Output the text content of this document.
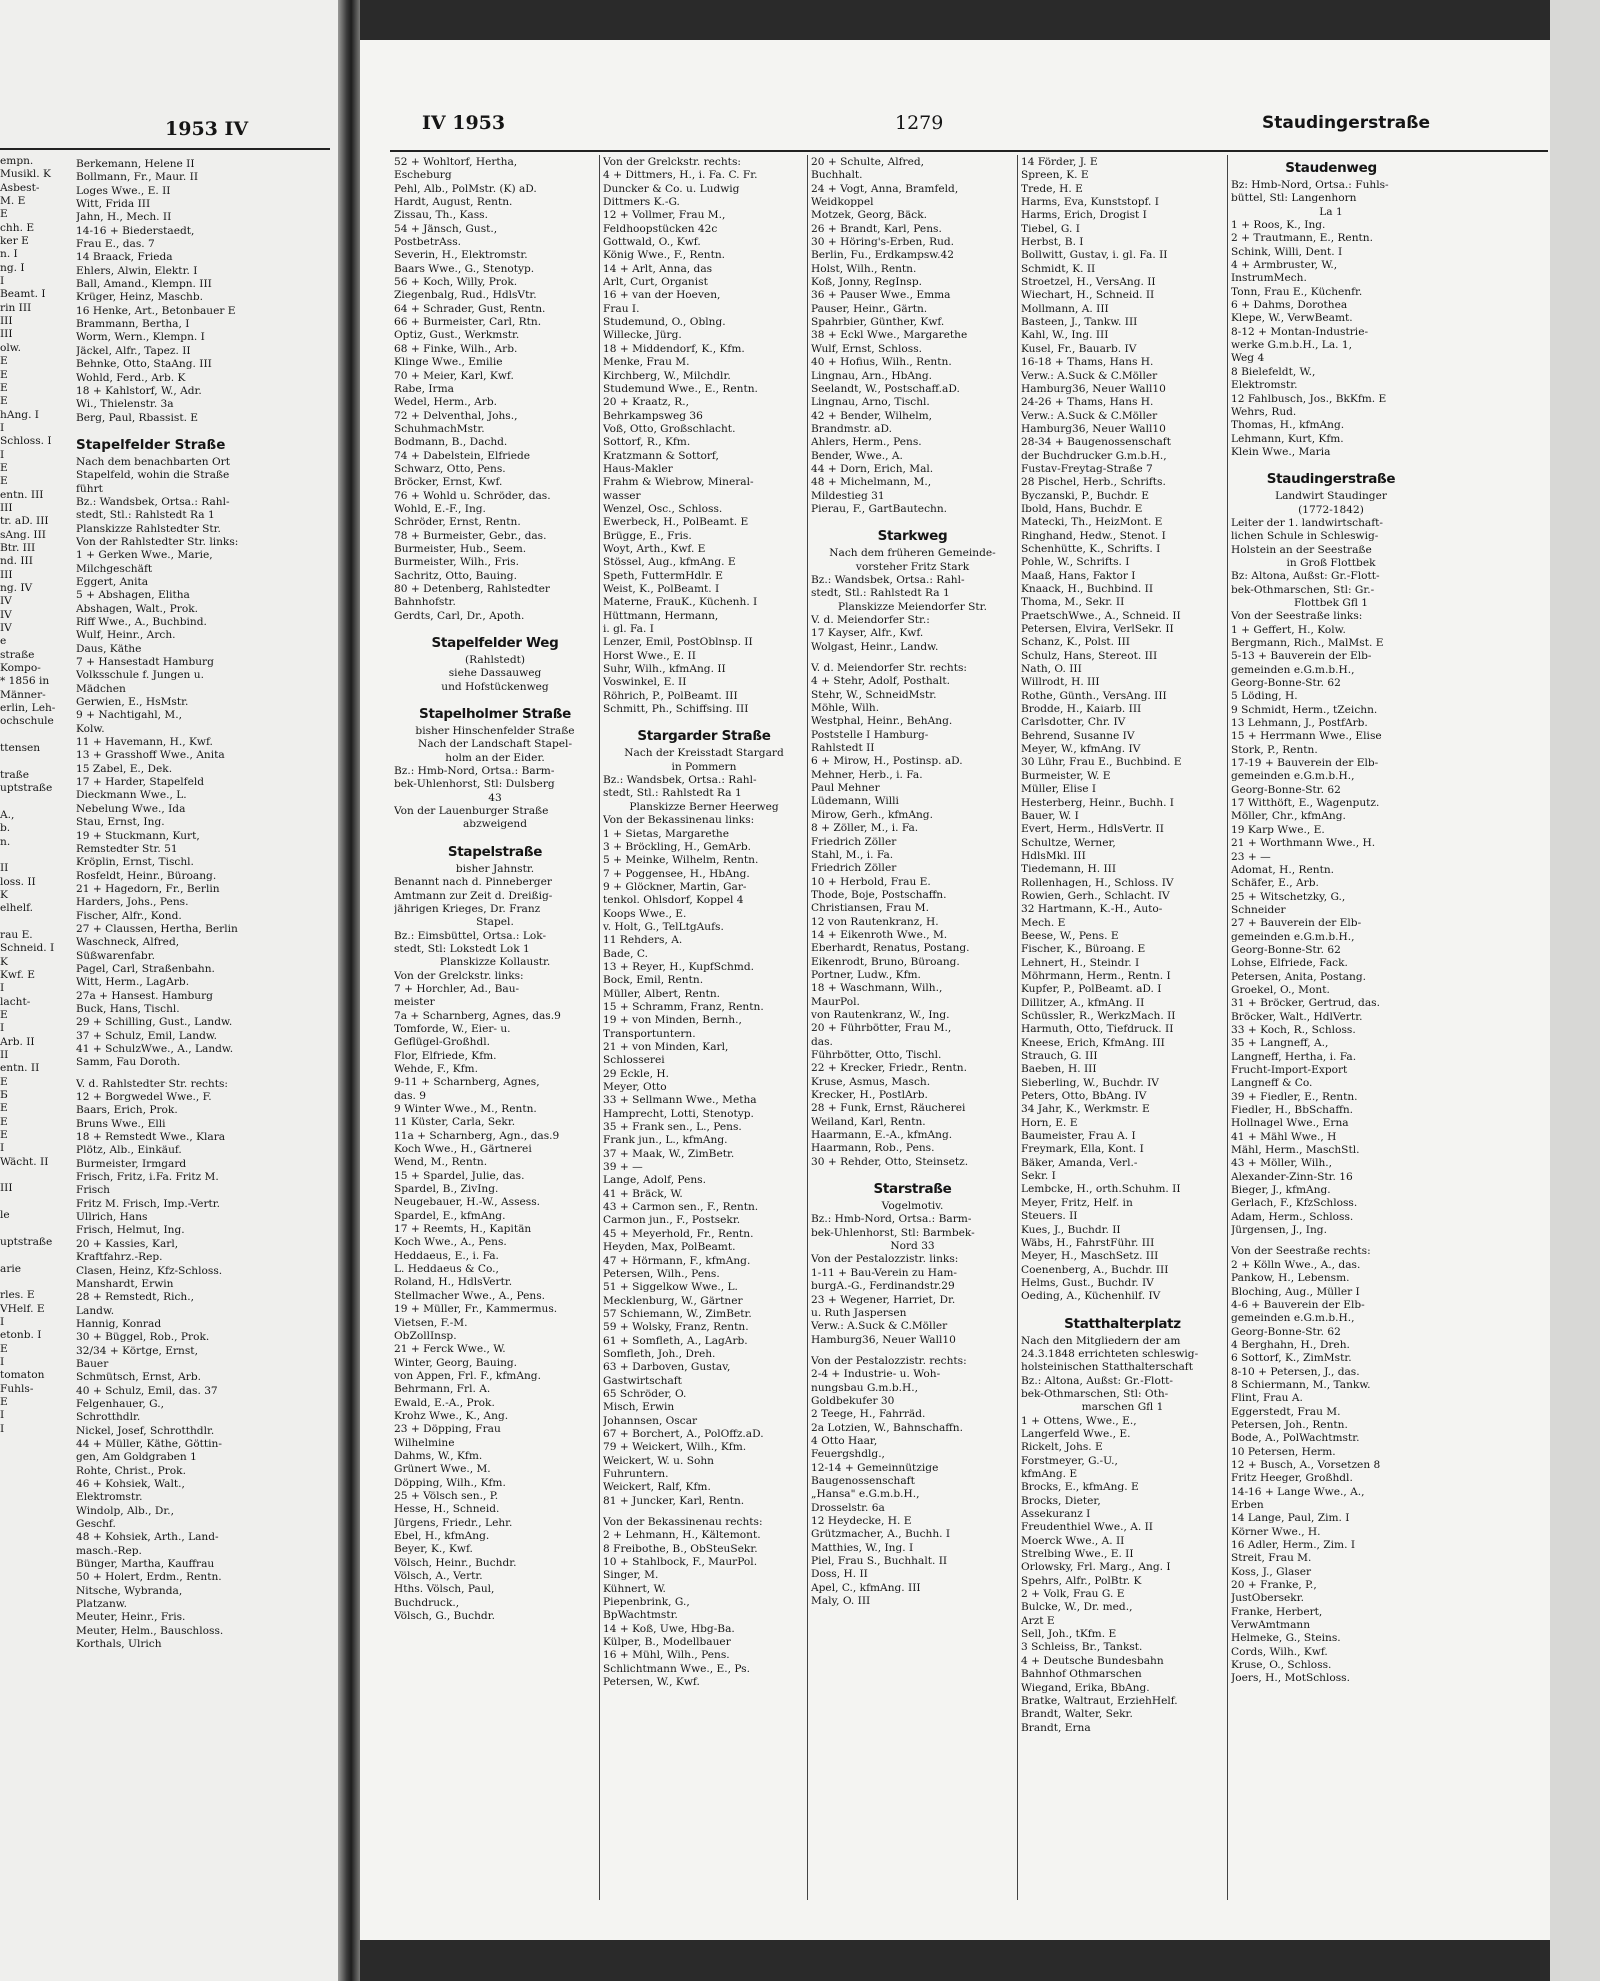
empn.
Musikl. K
Asbest-
M. E
E
chh. E
ker E
n. I
ng. I
I
Beamt. I
rin III
III
III
olw.
E
E
E
E
hAng. I
I
Schloss. I
I
E
E
entn. III
III
tr. aD. III
sAng. III
Btr. III
nd. III
III
ng. IV
IV
IV
IV
e
straße
Kompo-
* 1856 in
Männer-
erlin, Leh-
ochschule
ttensen
traße
uptstraße
A.,
b.
n.
II
loss. II
K
elhelf.
rau E.
Schneid. I
K
Kwf. E
I
lacht-
E
I
Arb. II
II
entn. II
E
Б
E
E
E
I
Wächt. II
III
le
uptstraße
arie
rles. E
VHelf. E
I
etonb. I
E
I
tomaton
Fuhls-
E
I
I
1953 IV
Berkemann, Helene II
Bollmann, Fr., Maur. II
Loges Wwe., E. II
Witt, Frida III
Jahn, H., Mech. II
14-16 + Biederstaedt,
Frau E., das. 7
14 Braack, Frieda
Ehlers, Alwin, Elektr. I
Ball, Amand., Klempn. III
Krüger, Heinz, Maschb.
16 Henke, Art., Betonbauer E
Brammann, Bertha, I
Worm, Wern., Klempn. I
Jäckel, Alfr., Tapez. II
Behnke, Otto, StaAng. III
Wohld, Ferd., Arb. K
18 + Kahlstorf, W., Adr.
Wi., Thielenstr. 3a
Berg, Paul, Rbassist. E
Stapelfelder Straße
Nach dem benachbarten Ort
Stapelfeld, wohin die Straße
führt
Bz.: Wandsbek, Ortsa.: Rahl-
stedt, Stl.: Rahlstedt Ra 1
Planskizze Rahlstedter Str.
Von der Rahlstedter Str. links:
1 + Gerken Wwe., Marie,
Milchgeschäft
Eggert, Anita
5 + Abshagen, Elitha
Abshagen, Walt., Prok.
Riff Wwe., A., Buchbind.
Wulf, Heinr., Arch.
Daus, Käthe
7 + Hansestadt Hamburg
Volksschule f. Jungen u.
Mädchen
Gerwien, E., HsMstr.
9 + Nachtigahl, M.,
Kolw.
11 + Havemann, H., Kwf.
13 + Grasshoff Wwe., Anita
15 Zabel, E., Dek.
17 + Harder, Stapelfeld
Dieckmann Wwe., L.
Nebelung Wwe., Ida
Stau, Ernst, Ing.
19 + Stuckmann, Kurt,
Remstedter Str. 51
Kröplin, Ernst, Tischl.
Rosfeldt, Heinr., Büroang.
21 + Hagedorn, Fr., Berlin
Harders, Johs., Pens.
Fischer, Alfr., Kond.
27 + Claussen, Hertha, Berlin
Waschneck, Alfred,
Süßwarenfabr.
Pagel, Carl, Straßenbahn.
Witt, Herm., LagArb.
27a + Hansest. Hamburg
Buck, Hans, Tischl.
29 + Schilling, Gust., Landw.
37 + Schulz, Emil, Landw.
41 + SchulzWwe., A., Landw.
Samm, Fau Doroth.
V. d. Rahlstedter Str. rechts:
12 + Borgwedel Wwe., F.
Baars, Erich, Prok.
Bruns Wwe., Elli
18 + Remstedt Wwe., Klara
Plötz, Alb., Einkäuf.
Burmeister, Irmgard
Frisch, Fritz, i.Fa. Fritz M.
Frisch
Fritz M. Frisch, Imp.-Vertr.
Ullrich, Hans
Frisch, Helmut, Ing.
20 + Kassies, Karl,
Kraftfahrz.-Rep.
Clasen, Heinz, Kfz-Schloss.
Manshardt, Erwin
28 + Remstedt, Rich.,
Landw.
Hannig, Konrad
30 + Büggel, Rob., Prok.
32/34 + Körtge, Ernst,
Bauer
Schmütsch, Ernst, Arb.
40 + Schulz, Emil, das. 37
Felgenhauer, G.,
Schrotthdlr.
Nickel, Josef, Schrotthdlr.
44 + Müller, Käthe, Göttin-
gen, Am Goldgraben 1
Rohte, Christ., Prok.
46 + Kohsiek, Walt.,
Elektromstr.
Windolp, Alb., Dr.,
Geschf.
48 + Kohsiek, Arth., Land-
masch.-Rep.
Bünger, Martha, Kauffrau
50 + Holert, Erdm., Rentn.
Nitsche, Wybranda,
Platzanw.
Meuter, Heinr., Fris.
Meuter, Helm., Bauschloss.
Korthals, Ulrich
IV 1953	1279	Staudingerstraße
52 + Wohltorf, Hertha,
Escheburg
Pehl, Alb., PolMstr. (K) aD.
Hardt, August, Rentn.
Zissau, Th., Kass.
54 + Jänsch, Gust.,
PostbetrAss.
Severin, H., Elektromstr.
Baars Wwe., G., Stenotyp.
56 + Koch, Willy, Prok.
Ziegenbalg, Rud., HdlsVtr.
64 + Schrader, Gust, Rentn.
66 + Burmeister, Carl, Rtn.
Optiz, Gust., Werkmstr.
68 + Finke, Wilh., Arb.
Klinge Wwe., Emilie
70 + Meier, Karl, Kwf.
Rabe, Irma
Wedel, Herm., Arb.
72 + Delventhal, Johs.,
SchuhmachMstr.
Bodmann, B., Dachd.
74 + Dabelstein, Elfriede
Schwarz, Otto, Pens.
Bröcker, Ernst, Kwf.
76 + Wohld u. Schröder, das.
Wohld, E.-F., Ing.
Schröder, Ernst, Rentn.
78 + Burmeister, Gebr., das.
Burmeister, Hub., Seem.
Burmeister, Wilh., Fris.
Sachritz, Otto, Bauing.
80 + Detenberg, Rahlstedter
Bahnhofstr.
Gerdts, Carl, Dr., Apoth.
Stapelfelder Weg
(Rahlstedt)
siehe Dassauweg
und Hofstückenweg
Stapelholmer Straße
bisher Hinschenfelder Straße
Nach der Landschaft Stapel-
holm an der Eider.
Bz.: Hmb-Nord, Ortsa.: Barm-
bek-Uhlenhorst, Stl: Dulsberg
43
Von der Lauenburger Straße
abzweigend
Stapelstraße
bisher Jahnstr.
Benannt nach d. Pinneberger
Amtmann zur Zeit d. Dreißig-
jährigen Krieges, Dr. Franz
Stapel.
Bz.: Eimsbüttel, Ortsa.: Lok-
stedt, Stl: Lokstedt Lok 1
Planskizze Kollaustr.
Von der Grelckstr. links:
7 + Horchler, Ad., Bau-
meister
7a + Scharnberg, Agnes, das.9
Tomforde, W., Eier- u.
Geflügel-Großhdl.
Flor, Elfriede, Kfm.
Wehde, F., Kfm.
9-11 + Scharnberg, Agnes,
das. 9
9 Winter Wwe., M., Rentn.
11 Küster, Carla, Sekr.
11a + Scharnberg, Agn., das.9
Koch Wwe., H., Gärtnerei
Wend, M., Rentn.
15 + Spardel, Julie, das.
Spardel, B., ZivIng.
Neugebauer, H.-W., Assess.
Spardel, E., kfmAng.
17 + Reemts, H., Kapitän
Koch Wwe., A., Pens.
Heddaeus, E., i. Fa.
L. Heddaeus & Co.,
Roland, H., HdlsVertr.
Stellmacher Wwe., A., Pens.
19 + Müller, Fr., Kammermus.
Vietsen, F.-M.
ObZollInsp.
21 + Ferck Wwe., W.
Winter, Georg, Bauing.
von Appen, Frl. F., kfmAng.
Behrmann, Frl. A.
Ewald, E.-A., Prok.
Krohz Wwe., K., Ang.
23 + Döpping, Frau
Wilhelmine
Dahms, W., Kfm.
Grünert Wwe., M.
Döpping, Wilh., Kfm.
25 + Völsch sen., P.
Hesse, H., Schneid.
Jürgens, Friedr., Lehr.
Ebel, H., kfmAng.
Beyer, K., Kwf.
Völsch, Heinr., Buchdr.
Völsch, A., Vertr.
Hths. Völsch, Paul,
Buchdruck.,
Völsch, G., Buchdr.
Von der Grelckstr. rechts:
4 + Dittmers, H., i. Fa. C. Fr.
Duncker & Co. u. Ludwig
Dittmers K.-G.
12 + Vollmer, Frau M.,
Feldhoopstücken 42c
Gottwald, O., Kwf.
König Wwe., F., Rentn.
14 + Arlt, Anna, das
Arlt, Curt, Organist
16 + van der Hoeven,
Frau I.
Studemund, O., Oblng.
Willecke, Jürg.
18 + Middendorf, K., Kfm.
Menke, Frau M.
Kirchberg, W., Milchdlr.
Studemund Wwe., E., Rentn.
20 + Kraatz, R.,
Behrkampsweg 36
Voß, Otto, Großschlacht.
Sottorf, R., Kfm.
Kratzmann & Sottorf,
Haus-Makler
Frahm & Wiebrow, Mineral-
wasser
Wenzel, Osc., Schloss.
Ewerbeck, H., PolBeamt. E
Brügge, E., Fris.
Woyt, Arth., Kwf. E
Stössel, Aug., kfmAng. E
Speth, FuttermHdlr. E
Weist, K., PolBeamt. I
Materne, FrauK., Küchenh. I
Hüttmann, Hermann,
i. gl. Fa. I
Lenzer, Emil, PostOblnsp. II
Horst Wwe., E. II
Suhr, Wilh., kfmAng. II
Voswinkel, E. II
Röhrich, P., PolBeamt. III
Schmitt, Ph., Schiffsing. III
Stargarder Straße
Nach der Kreisstadt Stargard
in Pommern
Bz.: Wandsbek, Ortsa.: Rahl-
stedt, Stl.: Rahlstedt Ra 1
Planskizze Berner Heerweg
Von der Bekassinenau links:
1 + Sietas, Margarethe
3 + Bröckling, H., GemArb.
5 + Meinke, Wilhelm, Rentn.
7 + Poggensee, H., HbAng.
9 + Glöckner, Martin, Gar-
tenkol. Ohlsdorf, Koppel 4
Koops Wwe., E.
v. Holt, G., TelLtgAufs.
11 Rehders, A.
Bade, C.
13 + Reyer, H., KupfSchmd.
Bock, Emil, Rentn.
Müller, Albert, Rentn.
15 + Schramm, Franz, Rentn.
19 + von Minden, Bernh.,
Transportuntern.
21 + von Minden, Karl,
Schlosserei
29 Eckle, H.
Meyer, Otto
33 + Sellmann Wwe., Metha
Hamprecht, Lotti, Stenotyp.
35 + Frank sen., L., Pens.
Frank jun., L., kfmAng.
37 + Maak, W., ZimBetr.
39 + —
Lange, Adolf, Pens.
41 + Bräck, W.
43 + Carmon sen., F., Rentn.
Carmon jun., F., Postsekr.
45 + Meyerhold, Fr., Rentn.
Heyden, Max, PolBeamt.
47 + Hörmann, F., kfmAng.
Petersen, Wilh., Pens.
51 + Siggelkow Wwe., L.
Mecklenburg, W., Gärtner
57 Schiemann, W., ZimBetr.
59 + Wolsky, Franz, Rentn.
61 + Somfleth, A., LagArb.
Somfleth, Joh., Dreh.
63 + Darboven, Gustav,
Gastwirtschaft
65 Schröder, O.
Misch, Erwin
Johannsen, Oscar
67 + Borchert, A., PolOffz.aD.
79 + Weickert, Wilh., Kfm.
Weickert, W. u. Sohn
Fuhruntern.
Weickert, Ralf, Kfm.
81 + Juncker, Karl, Rentn.
Von der Bekassinenau rechts:
2 + Lehmann, H., Kältemont.
8 Freibothe, B., ObSteuSekr.
10 + Stahlbock, F., MaurPol.
Singer, M.
Kühnert, W.
Piepenbrink, G.,
BpWachtmstr.
14 + Koß, Uwe, Hbg-Ba.
Külper, B., Modellbauer
16 + Mühl, Wilh., Pens.
Schlichtmann Wwe., E., Ps.
Petersen, W., Kwf.
20 + Schulte, Alfred,
Buchhalt.
24 + Vogt, Anna, Bramfeld,
Weidkoppel
Motzek, Georg, Bäck.
26 + Brandt, Karl, Pens.
30 + Höring's-Erben, Rud.
Berlin, Fu., Erdkampsw.42
Holst, Wilh., Rentn.
Koß, Jonny, RegInsp.
36 + Pauser Wwe., Emma
Pauser, Heinr., Gärtn.
Spahrbier, Günther, Kwf.
38 + Eckl Wwe., Margarethe
Wulf, Ernst, Schloss.
40 + Hofius, Wilh., Rentn.
Lingnau, Arn., HbAng.
Seelandt, W., Postschaff.aD.
Lingnau, Arno, Tischl.
42 + Bender, Wilhelm,
Brandmstr. aD.
Ahlers, Herm., Pens.
Bender, Wwe., A.
44 + Dorn, Erich, Mal.
48 + Michelmann, M.,
Mildestieg 31
Pierau, F., GartBautechn.
Starkweg
Nach dem früheren Gemeinde-
vorsteher Fritz Stark
Bz.: Wandsbek, Ortsa.: Rahl-
stedt, Stl.: Rahlstedt Ra 1
Planskizze Meiendorfer Str.
V. d. Meiendorfer Str.:
17 Kayser, Alfr., Kwf.
Wolgast, Heinr., Landw.
V. d. Meiendorfer Str. rechts:
4 + Stehr, Adolf, Posthalt.
Stehr, W., SchneidMstr.
Möhle, Wilh.
Westphal, Heinr., BehAng.
Poststelle I Hamburg-
Rahlstedt II
6 + Mirow, H., Postinsp. aD.
Mehner, Herb., i. Fa.
Paul Mehner
Lüdemann, Willi
Mirow, Gerh., kfmAng.
8 + Zöller, M., i. Fa.
Friedrich Zöller
Stahl, M., i. Fa.
Friedrich Zöller
10 + Herbold, Frau E.
Thode, Boje, Postschaffn.
Christiansen, Frau M.
12 von Rautenkranz, H.
14 + Eikenroth Wwe., M.
Eberhardt, Renatus, Postang.
Eikenrodt, Bruno, Büroang.
Portner, Ludw., Kfm.
18 + Waschmann, Wilh.,
MaurPol.
von Rautenkranz, W., Ing.
20 + Führbötter, Frau M.,
das.
Führbötter, Otto, Tischl.
22 + Krecker, Friedr., Rentn.
Kruse, Asmus, Masch.
Krecker, H., PostlArb.
28 + Funk, Ernst, Räucherei
Weiland, Karl, Rentn.
Haarmann, E.-A., kfmAng.
Haarmann, Rob., Pens.
30 + Rehder, Otto, Steinsetz.
Starstraße
Vogelmotiv.
Bz.: Hmb-Nord, Ortsa.: Barm-
bek-Uhlenhorst, Stl: Barmbek-
Nord 33
Von der Pestalozzistr. links:
1-11 + Bau-Verein zu Ham-
burgA.-G., Ferdinandstr.29
23 + Wegener, Harriet, Dr.
u. Ruth Jaspersen
Verw.: A.Suck & C.Möller
Hamburg36, Neuer Wall10
Von der Pestalozzistr. rechts:
2-4 + Industrie- u. Woh-
nungsbau G.m.b.H.,
Goldbekufer 30
2 Teege, H., Fahrräd.
2a Lotzien, W., Bahnschaffn.
4 Otto Haar,
Feuergshdlg.,
12-14 + Gemeinnützige
Baugenossenschaft
„Hansa" e.G.m.b.H.,
Drosselstr. 6a
12 Heydecke, H. E
Grützmacher, A., Buchh. I
Matthies, W., Ing. I
Piel, Frau S., Buchhalt. II
Doss, H. II
Apel, C., kfmAng. III
Maly, O. III
14 Förder, J. E
Spreen, K. E
Trede, H. E
Harms, Eva, Kunststopf. I
Harms, Erich, Drogist I
Tiebel, G. I
Herbst, B. I
Bollwitt, Gustav, i. gl. Fa. II
Schmidt, K. II
Stroetzel, H., VersAng. II
Wiechart, H., Schneid. II
Mollmann, A. III
Basteen, J., Tankw. III
Kahl, W., Ing. III
Kusel, Fr., Bauarb. IV
16-18 + Thams, Hans H.
Verw.: A.Suck & C.Möller
Hamburg36, Neuer Wall10
24-26 + Thams, Hans H.
Verw.: A.Suck & C.Möller
Hamburg36, Neuer Wall10
28-34 + Baugenossenschaft
der Buchdrucker G.m.b.H.,
Fustav-Freytag-Straße 7
28 Pischel, Herb., Schrifts.
Byczanski, P., Buchdr. E
Ibold, Hans, Buchdr. E
Matecki, Th., HeizMont. E
Ringhand, Hedw., Stenot. I
Schenhütte, K., Schrifts. I
Pohle, W., Schrifts. I
Maaß, Hans, Faktor I
Knaack, H., Buchbind. II
Thoma, M., Sekr. II
PraetschWwe., A., Schneid. II
Petersen, Elvira, VerlSekr. II
Schanz, K., Polst. III
Schulz, Hans, Stereot. III
Nath, O. III
Willrodt, H. III
Rothe, Günth., VersAng. III
Brodde, H., Kaiarb. III
Carlsdotter, Chr. IV
Behrend, Susanne IV
Meyer, W., kfmAng. IV
30 Lühr, Frau E., Buchbind. E
Burmeister, W. E
Müller, Elise I
Hesterberg, Heinr., Buchh. I
Bauer, W. I
Evert, Herm., HdlsVertr. II
Schultze, Werner,
HdlsMkl. III
Tiedemann, H. III
Rollenhagen, H., Schloss. IV
Rowien, Gerh., Schlacht. IV
32 Hartmann, K.-H., Auto-
Mech. E
Beese, W., Pens. E
Fischer, K., Büroang. E
Lehnert, H., Steindr. I
Möhrmann, Herm., Rentn. I
Kupfer, P., PolBeamt. aD. I
Dillitzer, A., kfmAng. II
Schüssler, R., WerkzMach. II
Harmuth, Otto, Tiefdruck. II
Kneese, Erich, KfmAng. III
Strauch, G. III
Baeben, H. III
Sieberling, W., Buchdr. IV
Peters, Otto, BbAng. IV
34 Jahr, K., Werkmstr. E
Horn, E. E
Baumeister, Frau A. I
Freymark, Ella, Kont. I
Bäker, Amanda, Verl.-
Sekr. I
Lembcke, H., orth.Schuhm. II
Meyer, Fritz, Helf. in
Steuers. II
Kues, J., Buchdr. II
Wäbs, H., FahrstFühr. III
Meyer, H., MaschSetz. III
Coenenberg, A., Buchdr. III
Helms, Gust., Buchdr. IV
Oeding, A., Küchenhilf. IV
Statthalterplatz
Nach den Mitgliedern der am
24.3.1848 errichteten schleswig-
holsteinischen Statthalterschaft
Bz.: Altona, Außst: Gr.-Flott-
bek-Othmarschen, Stl: Oth-
marschen Gfl 1
1 + Ottens, Wwe., E.,
Langerfeld Wwe., E.
Rickelt, Johs. E
Forstmeyer, G.-U.,
kfmAng. E
Brocks, E., kfmAng. E
Brocks, Dieter,
Assekuranz I
Freudenthiel Wwe., A. II
Moerck Wwe., A. II
Strelbing Wwe., E. II
Orlowsky, Frl. Marg., Ang. I
Spehrs, Alfr., PolBtr. K
2 + Volk, Frau G. E
Bulcke, W., Dr. med.,
Arzt E
Sell, Joh., tKfm. E
3 Schleiss, Br., Tankst.
4 + Deutsche Bundesbahn
Bahnhof Othmarschen
Wiegand, Erika, BbAng.
Bratke, Waltraut, ErziehHelf.
Brandt, Walter, Sekr.
Brandt, Erna
Staudenweg
Bz: Hmb-Nord, Ortsa.: Fuhls-
büttel, Stl: Langenhorn
La 1
1 + Roos, K., Ing.
2 + Trautmann, E., Rentn.
Schink, Willi, Dent. I
4 + Armbruster, W.,
InstrumMech.
Tonn, Frau E., Küchenfr.
6 + Dahms, Dorothea
Klepe, W., VerwBeamt.
8-12 + Montan-Industrie-
werke G.m.b.H., La. 1,
Weg 4
8 Bielefeldt, W.,
Elektromstr.
12 Fahlbusch, Jos., BkKfm. E
Wehrs, Rud.
Thomas, H., kfmAng.
Lehmann, Kurt, Kfm.
Klein Wwe., Maria
Staudingerstraße
Landwirt Staudinger
(1772-1842)
Leiter der 1. landwirtschaft-
lichen Schule in Schleswig-
Holstein an der Seestraße
in Groß Flottbek
Bz: Altona, Außst: Gr.-Flott-
bek-Othmarschen, Stl: Gr.-
Flottbek Gfl 1
Von der Seestraße links:
1 + Geffert, H., Kolw.
Bergmann, Rich., MalMst. E
5-13 + Bauverein der Elb-
gemeinden e.G.m.b.H.,
Georg-Bonne-Str. 62
5 Löding, H.
9 Schmidt, Herm., tZeichn.
13 Lehmann, J., PostfArb.
15 + Herrmann Wwe., Elise
Stork, P., Rentn.
17-19 + Bauverein der Elb-
gemeinden e.G.m.b.H.,
Georg-Bonne-Str. 62
17 Witthöft, E., Wagenputz.
Möller, Chr., kfmAng.
19 Karp Wwe., E.
21 + Worthmann Wwe., H.
23 + —
Adomat, H., Rentn.
Schäfer, E., Arb.
25 + Witschetzky, G.,
Schneider
27 + Bauverein der Elb-
gemeinden e.G.m.b.H.,
Georg-Bonne-Str. 62
Lohse, Elfriede, Fack.
Petersen, Anita, Postang.
Groekel, O., Mont.
31 + Bröcker, Gertrud, das.
Bröcker, Walt., HdlVertr.
33 + Koch, R., Schloss.
35 + Langneff, A.,
Langneff, Hertha, i. Fa.
Frucht-Import-Export
Langneff & Co.
39 + Fiedler, E., Rentn.
Fiedler, H., BbSchaffn.
Hollnagel Wwe., Erna
41 + Mähl Wwe., H
Mähl, Herm., MaschStl.
43 + Möller, Wilh.,
Alexander-Zinn-Str. 16
Bieger, J., kfmAng.
Gerlach, F., KfzSchloss.
Adam, Herm., Schloss.
Jürgensen, J., Ing.
Von der Seestraße rechts:
2 + Kölln Wwe., A., das.
Pankow, H., Lebensm.
Bloching, Aug., Müller I
4-6 + Bauverein der Elb-
gemeinden e.G.m.b.H.,
Georg-Bonne-Str. 62
4 Berghahn, H., Dreh.
6 Sottorf, K., ZimMstr.
8-10 + Petersen, J., das.
8 Schiermann, M., Tankw.
Flint, Frau A.
Eggerstedt, Frau M.
Petersen, Joh., Rentn.
Bode, A., PolWachtmstr.
10 Petersen, Herm.
12 + Busch, A., Vorsetzen 8
Fritz Heeger, Großhdl.
14-16 + Lange Wwe., A.,
Erben
14 Lange, Paul, Zim. I
Körner Wwe., H.
16 Adler, Herm., Zim. I
Streit, Frau M.
Koss, J., Glaser
20 + Franke, P.,
JustObersekr.
Franke, Herbert,
VerwAmtmann
Helmeke, G., Steins.
Cords, Wilh., Kwf.
Kruse, O., Schloss.
Joers, H., MotSchloss.
